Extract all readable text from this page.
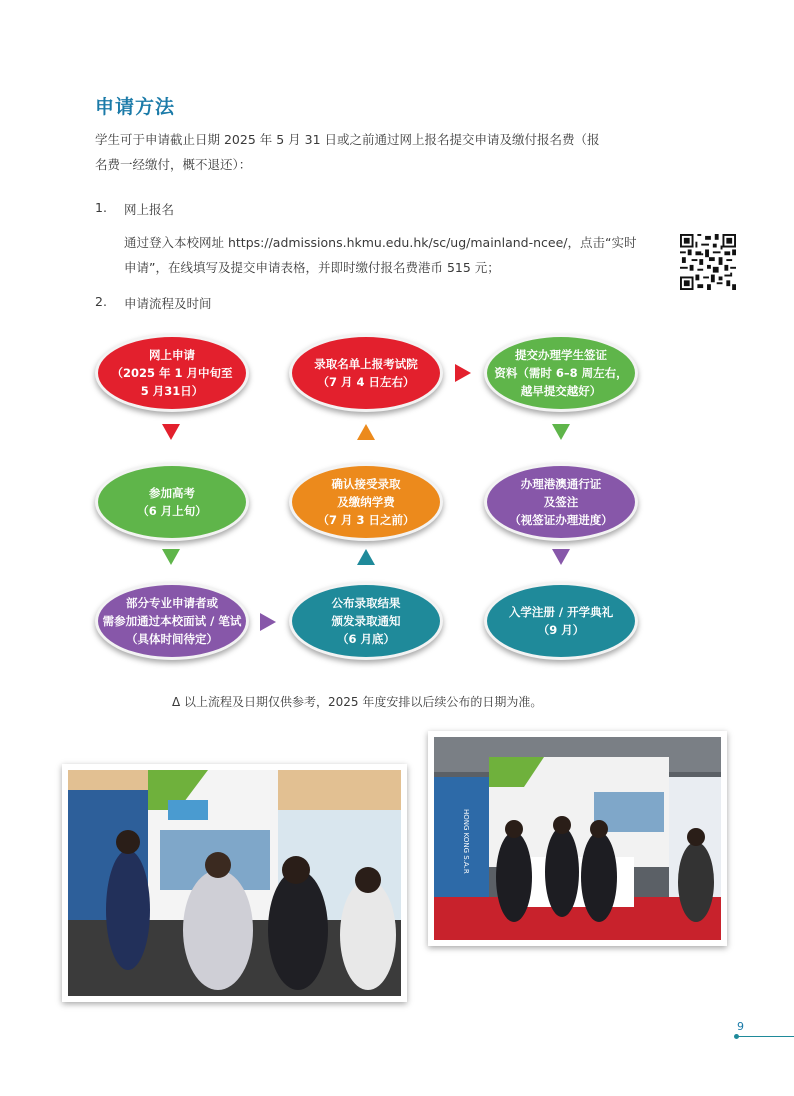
申请方法
学生可于申请截止日期 2025 年 5 月 31 日或之前通过网上报名提交申请及缴付报名费（报
名费一经缴付，概不退还）：
1. 网上报名
通过登入本校网址 https://admissions.hkmu.edu.hk/sc/ug/mainland-ncee/，点击“实时
申请”，在线填写及提交申请表格，并即时缴付报名费港币 515 元；
2. 申请流程及时间
网上申请
（2025 年 1 月中旬至
5 月31日）
录取名单上报考试院
（7 月 4 日左右）
提交办理学生签证
资料（需时 6–8 周左右，
越早提交越好）
参加高考
（6 月上旬）
确认接受录取
及缴纳学费
（7 月 3 日之前）
办理港澳通行证
及签注
（视签证办理进度）
部分专业申请者或
需参加通过本校面试 / 笔试
（具体时间待定）
公布录取结果
颁发录取通知
（6 月底）
入学注册 / 开学典礼
（9 月）
Δ 以上流程及日期仅供参考，2025 年度安排以后续公布的日期为准。
HONG KONG S.A.R
9
